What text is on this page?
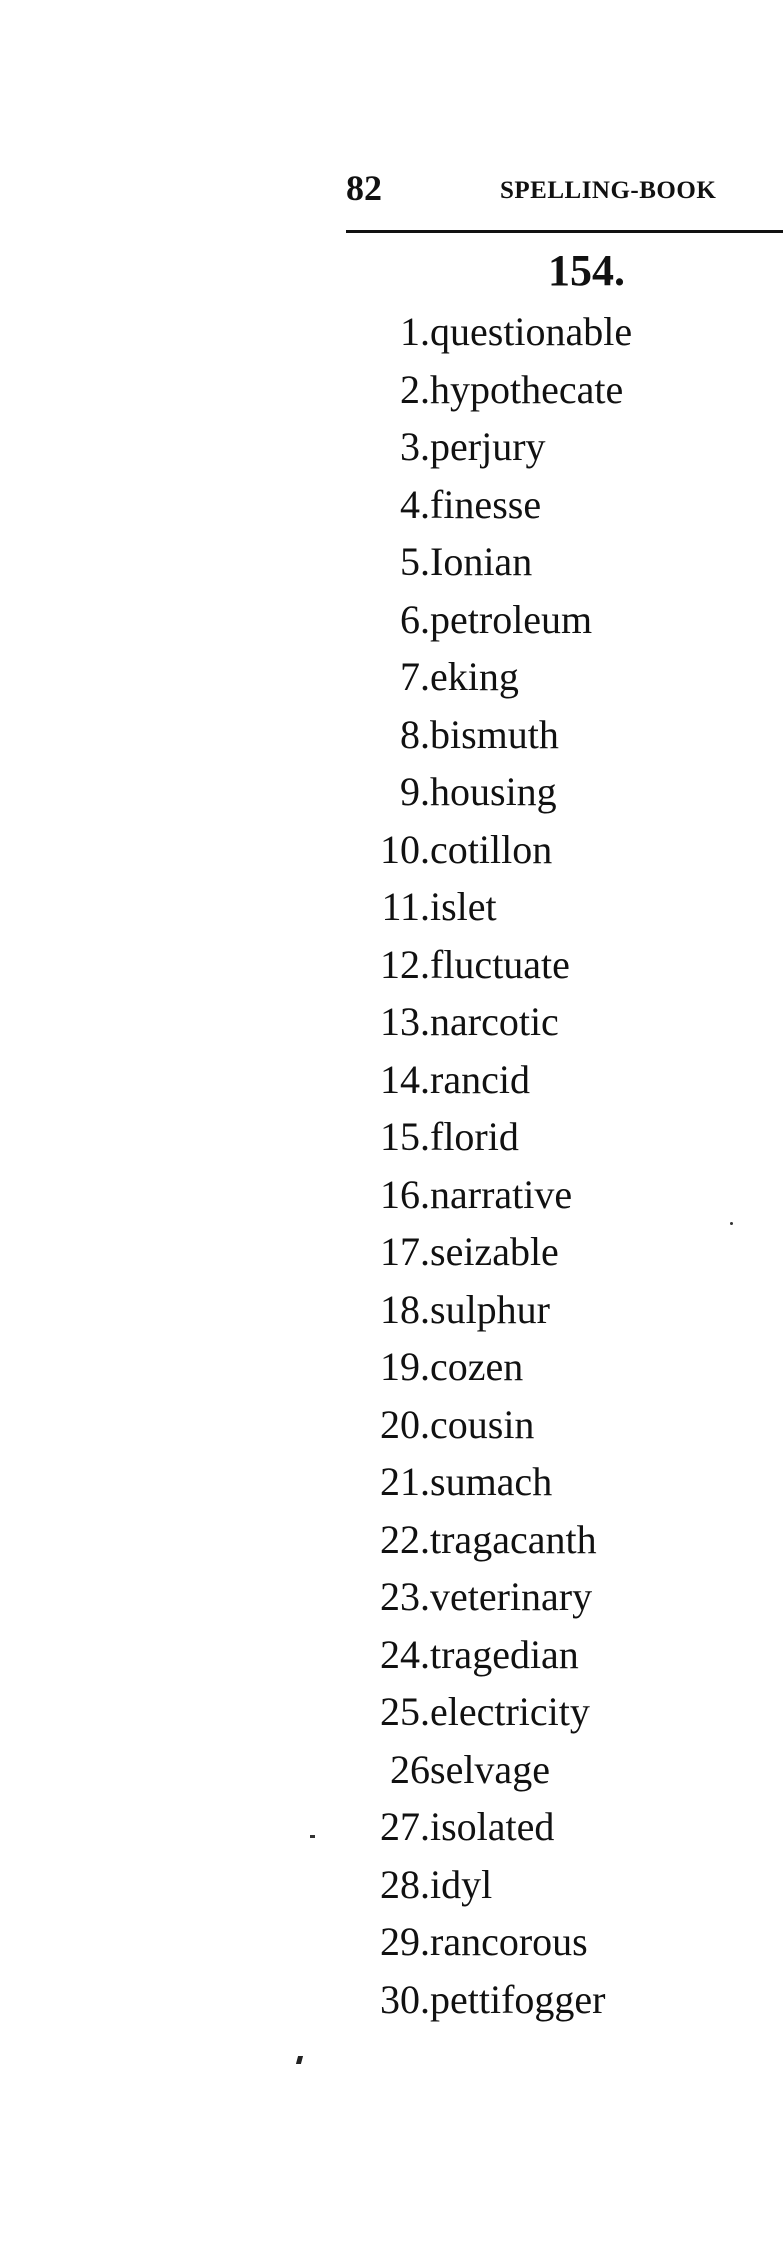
82	SPELLING-BOOK
154.
1. questionable
2. hypothecate
3. perjury
4. finesse
5. Ionian
6. petroleum
7. eking
8. bismuth
9. housing
10. cotillon
11. islet
12. fluctuate
13. narcotic
14. rancid
15. florid
16. narrative
17. seizable
18. sulphur
19. cozen
20. cousin
21. sumach
22. tragacanth
23. veterinary
24. tragedian
25. electricity
26 selvage
27. isolated
28. idyl
29. rancorous
30. pettifogger
